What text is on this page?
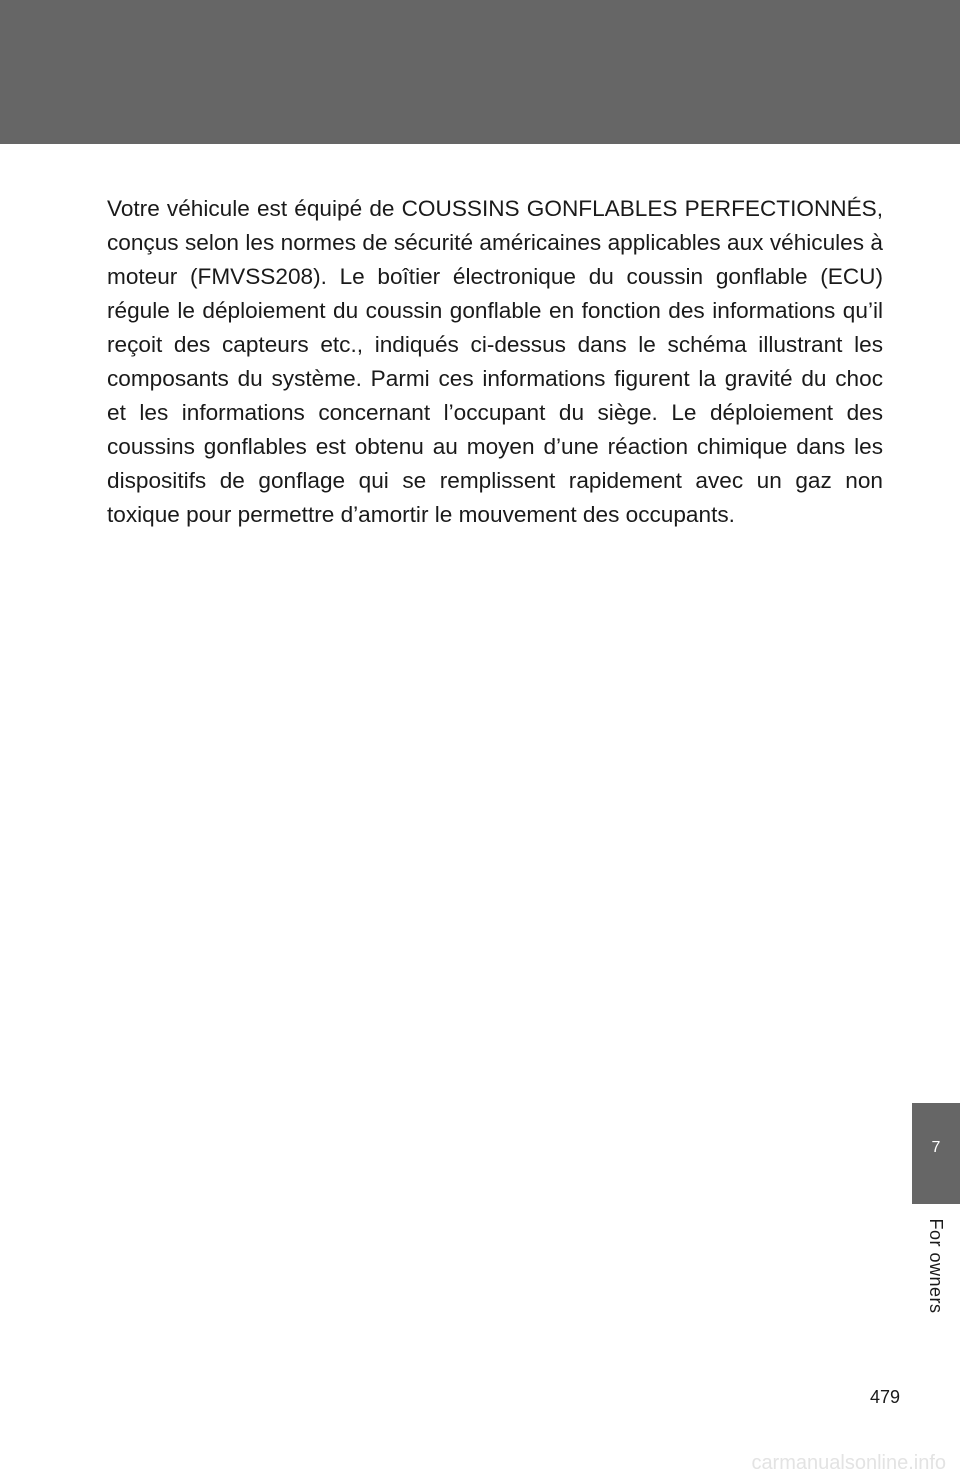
Votre véhicule est équipé de COUSSINS GONFLABLES PERFECTIONNÉS, conçus selon les normes de sécurité américaines applicables aux véhicules à moteur (FMVSS208). Le boîtier électronique du coussin gonflable (ECU) régule le déploiement du coussin gonflable en fonction des informations qu’il reçoit des capteurs etc., indiqués ci-dessus dans le schéma illustrant les composants du système. Parmi ces informations figurent la gravité du choc et les informations concernant l’occupant du siège. Le déploiement des coussins gonflables est obtenu au moyen d’une réaction chimique dans les dispositifs de gonflage qui se remplissent rapidement avec un gaz non toxique pour permettre d’amortir le mouvement des occupants.

7
For owners
479
carmanualsonline.info
